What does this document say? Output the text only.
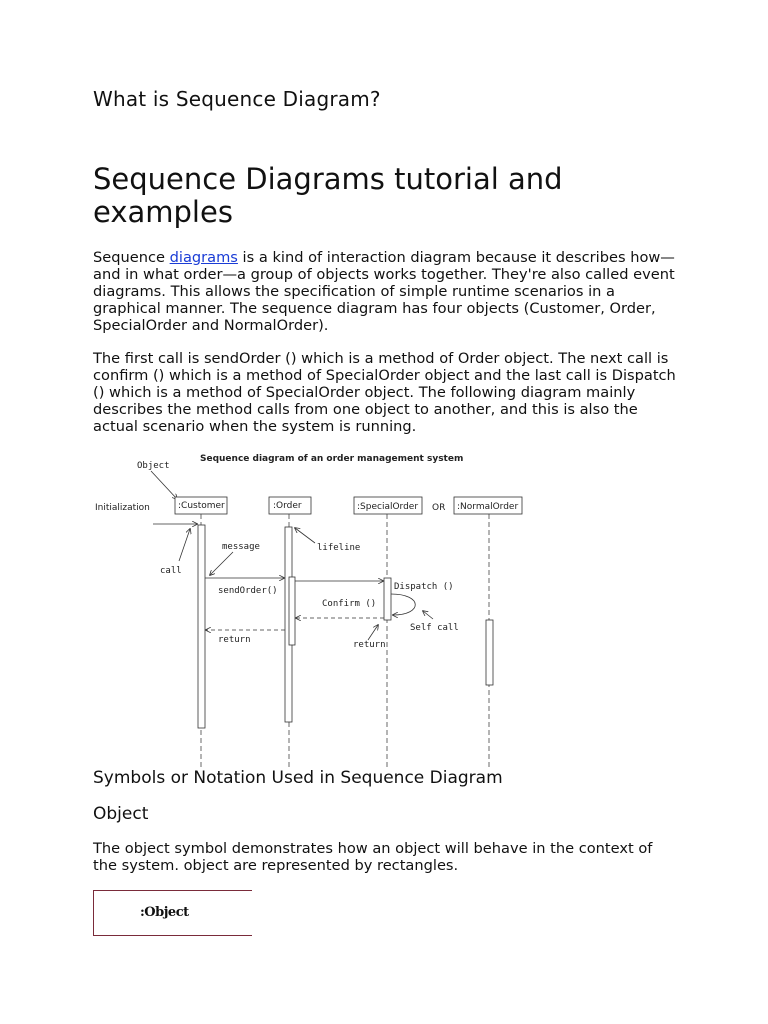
What is Sequence Diagram?
Sequence Diagrams tutorial and examples

Sequence diagrams is a kind of interaction diagram because it describes how—and in what order—a group of objects works together. They're also called event diagrams. This allows the specification of simple runtime scenarios in a graphical manner. The sequence diagram has four objects (Customer, Order, SpecialOrder and NormalOrder).

The first call is sendOrder () which is a method of Order object. The next call is confirm () which is a method of SpecialOrder object and the last call is Dispatch () which is a method of SpecialOrder object. The following diagram mainly describes the method calls from one object to another, and this is also the actual scenario when the system is running.

Sequence diagram of an order management system
Object
Initialization	:Customer	:Order	:SpecialOrder OR :NormalOrder
call
message	lifeline
sendOrder()	Dispatch ()
Confirm ()
Self call
return
return
Symbols or Notation Used in Sequence Diagram
Object

The object symbol demonstrates how an object will behave in the context of the system. object are represented by rectangles.

:Object
